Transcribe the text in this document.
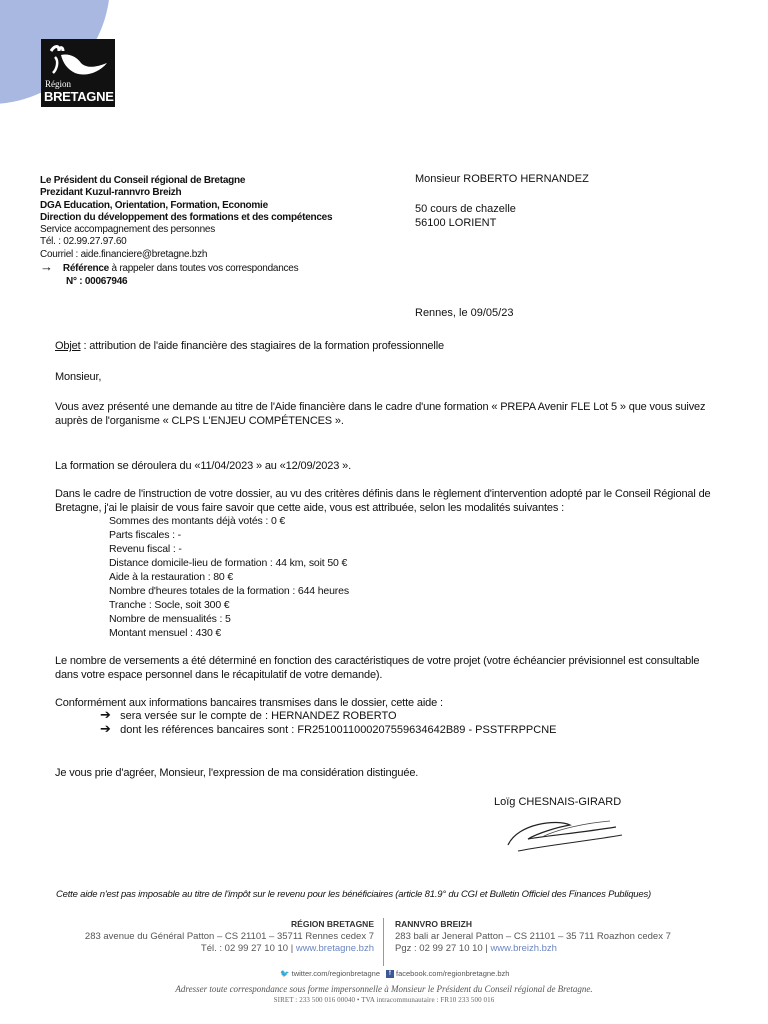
Région
BRETAGNE
Le Président du Conseil régional de Bretagne
Prezidant Kuzul-rannvro Breizh
DGA Education, Orientation, Formation, Economie
Direction du développement des formations et des compétences
Service accompagnement des personnes
Tél. : 02.99.27.97.60
Courriel : aide.financiere@bretagne.bzh
→ Référence à rappeler dans toutes vos correspondances
N° : 00067946
Monsieur ROBERTO HERNANDEZ
50 cours de chazelle
56100 LORIENT
Rennes, le 09/05/23
Objet : attribution de l'aide financière des stagiaires de la formation professionnelle
Monsieur,
Vous avez présenté une demande au titre de l'Aide financière dans le cadre d'une formation « PREPA Avenir FLE Lot 5 » que vous suivez auprès de l'organisme « CLPS L'ENJEU COMPÉTENCES ».
La formation se déroulera du «11/04/2023 » au «12/09/2023 ».
Dans le cadre de l'instruction de votre dossier, au vu des critères définis dans le règlement d'intervention adopté par le Conseil Régional de Bretagne, j'ai le plaisir de vous faire savoir que cette aide, vous est attribuée, selon les modalités suivantes :
Sommes des montants déjà votés : 0 €
Parts fiscales : -
Revenu fiscal : -
Distance domicile-lieu de formation : 44 km, soit 50 €
Aide à la restauration : 80 €
Nombre d'heures totales de la formation : 644 heures
Tranche : Socle, soit 300 €
Nombre de mensualités : 5
Montant mensuel : 430 €
Le nombre de versements a été déterminé en fonction des caractéristiques de votre projet (votre échéancier prévisionnel est consultable dans votre espace personnel dans le récapitulatif de votre demande).
Conformément aux informations bancaires transmises dans le dossier, cette aide :
➔ sera versée sur le compte de : HERNANDEZ ROBERTO
➔ dont les références bancaires sont : FR2510011000207559634642B89 - PSSTFRPPCNE
Je vous prie d'agréer, Monsieur, l'expression de ma considération distinguée.
Loïg CHESNAIS-GIRARD
Cette aide n'est pas imposable au titre de l'impôt sur le revenu pour les bénéficiaires (article 81.9° du CGI et Bulletin Officiel des Finances Publiques)
RÉGION BRETAGNE
283 avenue du Général Patton – CS 21101 – 35711 Rennes cedex 7
Tél. : 02 99 27 10 10 | www.bretagne.bzh
RANNVRO BREIZH
283 bali ar Jeneral Patton – CS 21101 – 35 711 Roazhon cedex 7
Pgz : 02 99 27 10 10 | www.breizh.bzh
🐦 twitter.com/regionbretagne	f facebook.com/regionbretagne.bzh
Adresser toute correspondance sous forme impersonnelle à Monsieur le Président du Conseil régional de Bretagne.
SIRET : 233 500 016 00040 • TVA intracommunautaire : FR10 233 500 016
